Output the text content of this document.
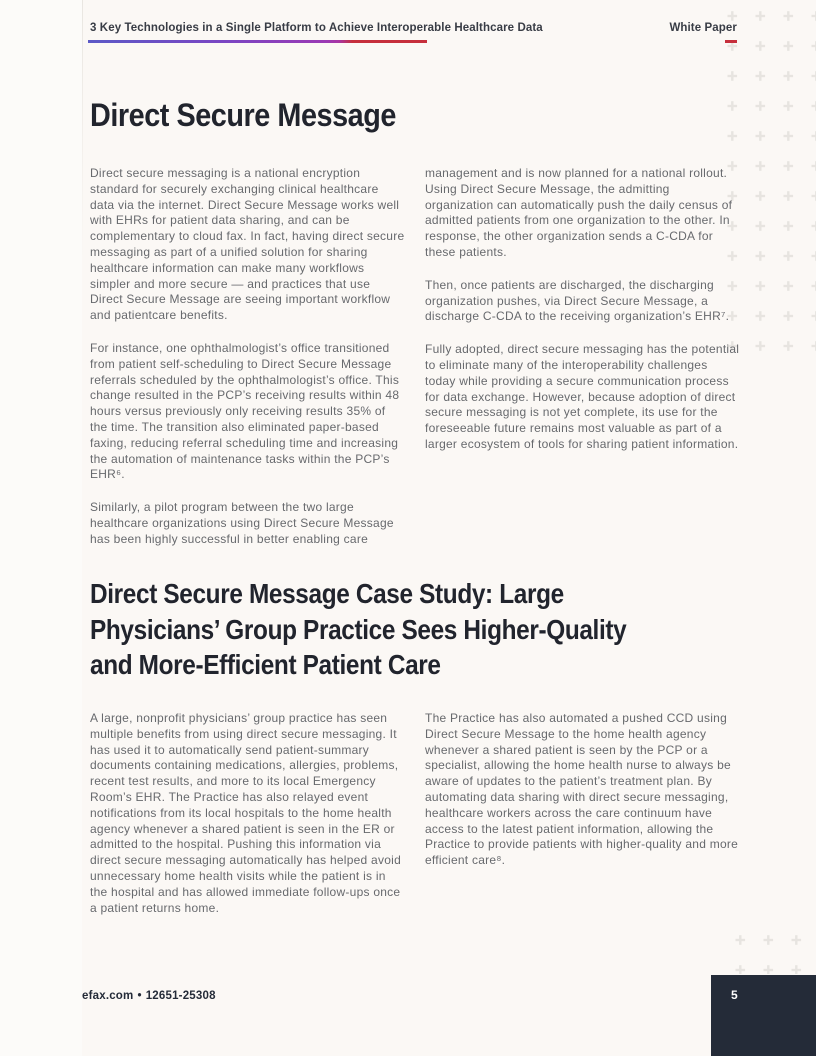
3 Key Technologies in a Single Platform to Achieve Interoperable Healthcare Data	White Paper
Direct Secure Message

Direct secure messaging is a national encryption standard for securely exchanging clinical healthcare data via the internet. Direct Secure Message works well with EHRs for patient data sharing, and can be complementary to cloud fax. In fact, having direct secure messaging as part of a unified solution for sharing healthcare information can make many workflows simpler and more secure — and practices that use Direct Secure Message are seeing important workflow and patientcare benefits.

For instance, one ophthalmologist’s office transitioned from patient self-scheduling to Direct Secure Message referrals scheduled by the ophthalmologist’s office. This change resulted in the PCP’s receiving results within 48 hours versus previously only receiving results 35% of the time. The transition also eliminated paper-based faxing, reducing referral scheduling time and increasing the automation of maintenance tasks within the PCP’s EHR⁶.

Similarly, a pilot program between the two large healthcare organizations using Direct Secure Message has been highly successful in better enabling care

management and is now planned for a national rollout. Using Direct Secure Message, the admitting organization can automatically push the daily census of admitted patients from one organization to the other. In response, the other organization sends a C-CDA for these patients.

Then, once patients are discharged, the discharging organization pushes, via Direct Secure Message, a discharge C-CDA to the receiving organization’s EHR⁷.

Fully adopted, direct secure messaging has the potential to eliminate many of the interoperability challenges today while providing a secure communication process for data exchange. However, because adoption of direct secure messaging is not yet complete, its use for the foreseeable future remains most valuable as part of a larger ecosystem of tools for sharing patient information.

Direct Secure Message Case Study: Large
Physicians’ Group Practice Sees Higher-Quality
and More-Efficient Patient Care

A large, nonprofit physicians’ group practice has seen multiple benefits from using direct secure messaging. It has used it to automatically send patient-summary documents containing medications, allergies, problems, recent test results, and more to its local Emergency Room’s EHR. The Practice has also relayed event notifications from its local hospitals to the home health agency whenever a shared patient is seen in the ER or admitted to the hospital. Pushing this information via direct secure messaging automatically has helped avoid unnecessary home health visits while the patient is in the hospital and has allowed immediate follow-ups once a patient returns home.

The Practice has also automated a pushed CCD using Direct Secure Message to the home health agency whenever a shared patient is seen by the PCP or a specialist, allowing the home health nurse to always be aware of updates to the patient’s treatment plan. By automating data sharing with direct secure messaging, healthcare workers across the care continuum have access to the latest patient information, allowing the Practice to provide patients with higher-quality and more efficient care⁸.

efax.com • 12651-25308	5
